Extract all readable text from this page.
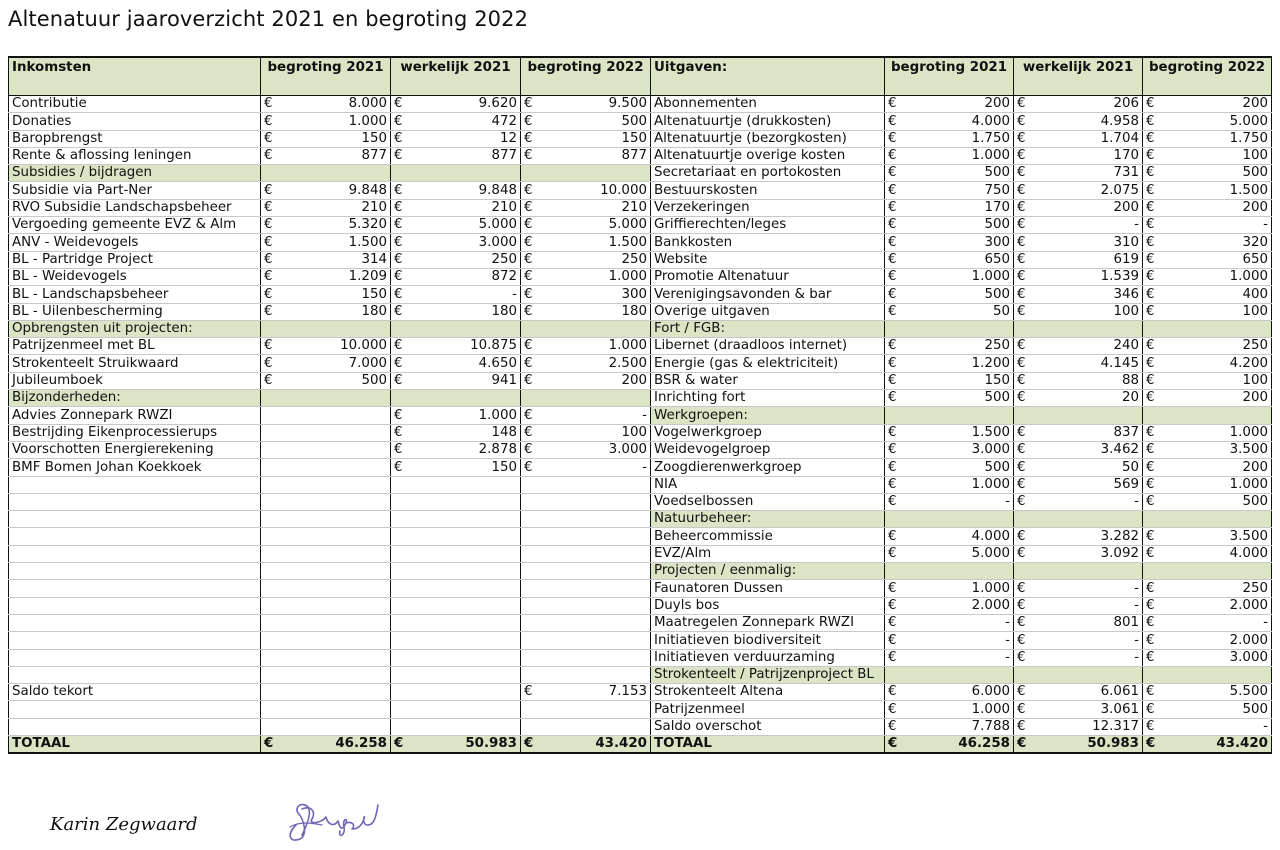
Altenatuur jaaroverzicht 2021 en begroting 2022
Inkomsten	begroting 2021	werkelijk 2021	begroting 2022	Uitgaven:	begroting 2021	werkelijk 2021	begroting 2022
Contributie	€ 8.000	€ 9.620	€ 9.500	Abonnementen	€ 200	€ 206	€ 200

Donaties	€ 1.000	€ 472	€ 500	Altenatuurtje (drukkosten)	€ 4.000	€ 4.958	€ 5.000

Baropbrengst	€ 150	€ 12	€ 150	Altenatuurtje (bezorgkosten)	€ 1.750	€ 1.704	€ 1.750

Rente & aflossing leningen	€ 877	€ 877	€ 877	Altenatuurtje overige kosten	€ 1.000	€ 170	€ 100

Subsidies / bijdragen				Secretariaat en portokosten	€ 500	€ 731	€ 500

Subsidie via Part-Ner	€ 9.848	€ 9.848	€ 10.000	Bestuurskosten	€ 750	€ 2.075	€ 1.500

RVO Subsidie Landschapsbeheer	€ 210	€ 210	€ 210	Verzekeringen	€ 170	€ 200	€ 200

Vergoeding gemeente EVZ & Alm	€ 5.320	€ 5.000	€ 5.000	Griffierechten/leges	€ 500	€ -	€ -

ANV - Weidevogels	€ 1.500	€ 3.000	€ 1.500	Bankkosten	€ 300	€ 310	€ 320

BL - Partridge Project	€ 314	€ 250	€ 250	Website	€ 650	€ 619	€ 650

BL - Weidevogels	€ 1.209	€ 872	€ 1.000	Promotie Altenatuur	€ 1.000	€ 1.539	€ 1.000

BL - Landschapsbeheer	€ 150	€ -	€ 300	Verenigingsavonden & bar	€ 500	€ 346	€ 400

BL - Uilenbescherming	€ 180	€ 180	€ 180	Overige uitgaven	€ 50	€ 100	€ 100

Opbrengsten uit projecten:				Fort / FGB:			
Patrijzenmeel met BL	€ 10.000	€ 10.875	€ 1.000	Libernet (draadloos internet)	€ 250	€ 240	€ 250

Strokenteelt Struikwaard	€ 7.000	€ 4.650	€ 2.500	Energie (gas & elektriciteit)	€ 1.200	€ 4.145	€ 4.200

Jubileumboek	€ 500	€ 941	€ 200	BSR & water	€ 150	€ 88	€ 100

Bijzonderheden:				Inrichting fort	€ 500	€ 20	€ 200

Advies Zonnepark RWZI		€ 1.000	€ -	Werkgroepen:			
Bestrijding Eikenprocessierups		€ 148	€ 100	Vogelwerkgroep	€ 1.500	€ 837	€ 1.000

Voorschotten Energierekening		€ 2.878	€ 3.000	Weidevogelgroep	€ 3.000	€ 3.462	€ 3.500

BMF Bomen Johan Koekkoek		€ 150	€ -	Zoogdierenwerkgroep	€ 500	€ 50	€ 200

				NIA	€ 1.000	€ 569	€ 1.000

				Voedselbossen	€ -	€ -	€ 500

				Natuurbeheer:			
				Beheercommissie	€ 4.000	€ 3.282	€ 3.500

				EVZ/Alm	€ 5.000	€ 3.092	€ 4.000

				Projecten / eenmalig:			
				Faunatoren Dussen	€ 1.000	€ -	€ 250

				Duyls bos	€ 2.000	€ -	€ 2.000

				Maatregelen Zonnepark RWZI	€ -	€ 801	€ -

				Initiatieven biodiversiteit	€ -	€ -	€ 2.000

				Initiatieven verduurzaming	€ -	€ -	€ 3.000

				Strokenteelt / Patrijzenproject BL			
Saldo tekort			€ 7.153	Strokenteelt Altena	€ 6.000	€ 6.061	€ 5.500

				Patrijzenmeel	€ 1.000	€ 3.061	€ 500

				Saldo overschot	€ 7.788	€ 12.317	€ -

TOTAAL	€ 46.258	€ 50.983	€ 43.420	TOTAAL	€ 46.258	€ 50.983	€ 43.420
Karin Zegwaard
